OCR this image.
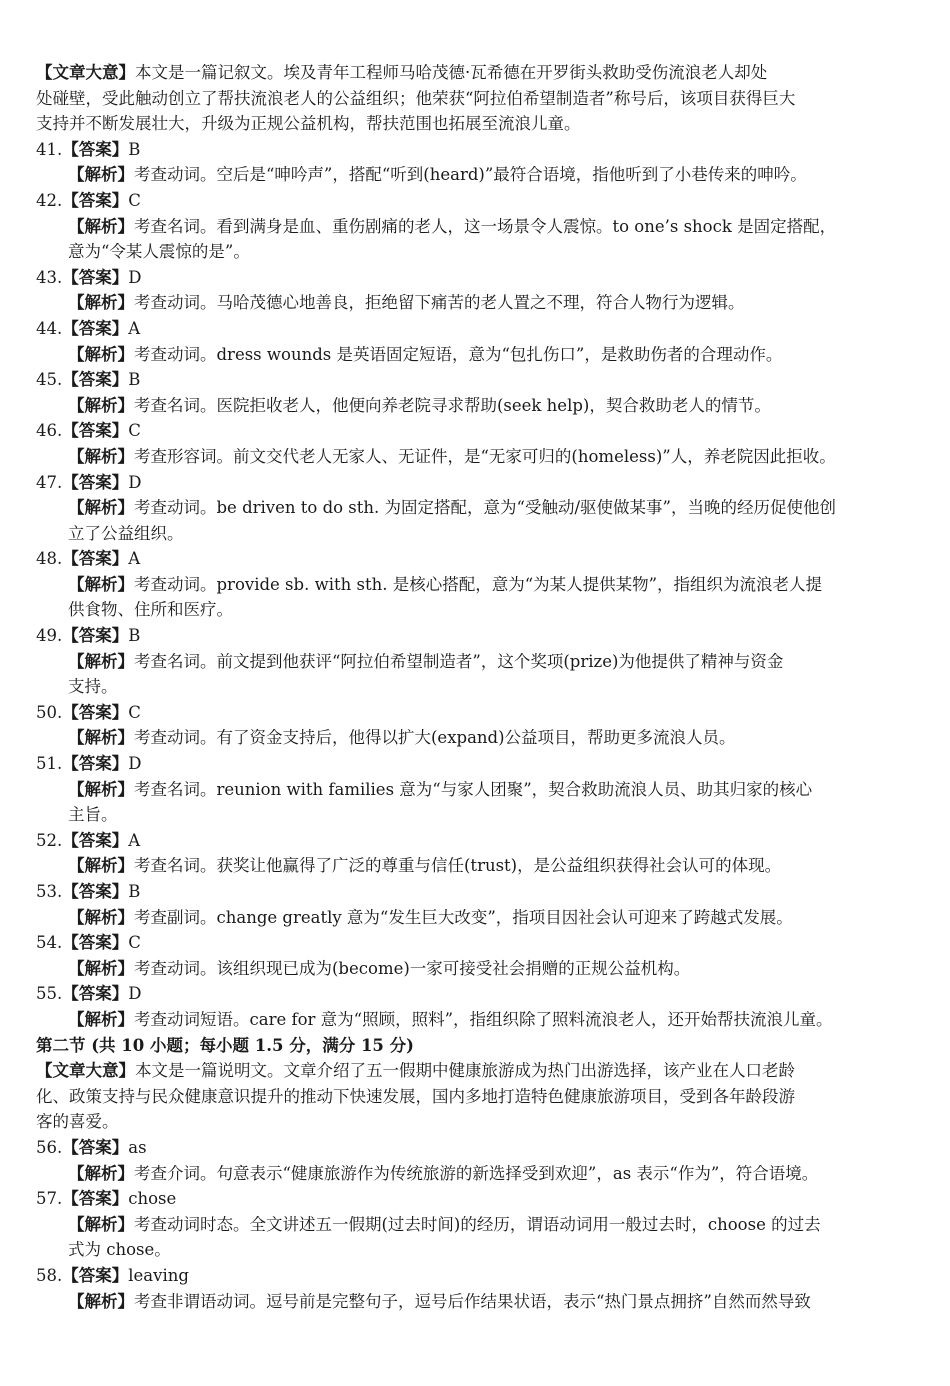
【文章大意】本文是一篇记叙文。埃及青年工程师马哈茂德·瓦希德在开罗街头救助受伤流浪老人却处
处碰壁，受此触动创立了帮扶流浪老人的公益组织；他荣获“阿拉伯希望制造者”称号后，该项目获得巨大
支持并不断发展壮大，升级为正规公益机构，帮扶范围也拓展至流浪儿童。
41.【答案】B
【解析】考查动词。空后是“呻吟声”，搭配“听到(heard)”最符合语境，指他听到了小巷传来的呻吟。
42.【答案】C
【解析】考查名词。看到满身是血、重伤剧痛的老人，这一场景令人震惊。to one’s shock 是固定搭配，
意为“令某人震惊的是”。
43.【答案】D
【解析】考查动词。马哈茂德心地善良，拒绝留下痛苦的老人置之不理，符合人物行为逻辑。
44.【答案】A
【解析】考查动词。dress wounds 是英语固定短语，意为“包扎伤口”，是救助伤者的合理动作。
45.【答案】B
【解析】考查名词。医院拒收老人，他便向养老院寻求帮助(seek help)，契合救助老人的情节。
46.【答案】C
【解析】考查形容词。前文交代老人无家人、无证件，是“无家可归的(homeless)”人，养老院因此拒收。
47.【答案】D
【解析】考查动词。be driven to do sth. 为固定搭配，意为“受触动/驱使做某事”，当晚的经历促使他创
立了公益组织。
48.【答案】A
【解析】考查动词。provide sb. with sth. 是核心搭配，意为“为某人提供某物”，指组织为流浪老人提
供食物、住所和医疗。
49.【答案】B
【解析】考查名词。前文提到他获评“阿拉伯希望制造者”，这个奖项(prize)为他提供了精神与资金
支持。
50.【答案】C
【解析】考查动词。有了资金支持后，他得以扩大(expand)公益项目，帮助更多流浪人员。
51.【答案】D
【解析】考查名词。reunion with families 意为“与家人团聚”，契合救助流浪人员、助其归家的核心
主旨。
52.【答案】A
【解析】考查名词。获奖让他赢得了广泛的尊重与信任(trust)，是公益组织获得社会认可的体现。
53.【答案】B
【解析】考查副词。change greatly 意为“发生巨大改变”，指项目因社会认可迎来了跨越式发展。
54.【答案】C
【解析】考查动词。该组织现已成为(become)一家可接受社会捐赠的正规公益机构。
55.【答案】D
【解析】考查动词短语。care for 意为“照顾，照料”，指组织除了照料流浪老人，还开始帮扶流浪儿童。
第二节 (共 10 小题；每小题 1.5 分，满分 15 分)
【文章大意】本文是一篇说明文。文章介绍了五一假期中健康旅游成为热门出游选择，该产业在人口老龄
化、政策支持与民众健康意识提升的推动下快速发展，国内多地打造特色健康旅游项目，受到各年龄段游
客的喜爱。
56.【答案】as
【解析】考查介词。句意表示“健康旅游作为传统旅游的新选择受到欢迎”，as 表示“作为”，符合语境。
57.【答案】chose
【解析】考查动词时态。全文讲述五一假期(过去时间)的经历，谓语动词用一般过去时，choose 的过去
式为 chose。
58.【答案】leaving
【解析】考查非谓语动词。逗号前是完整句子，逗号后作结果状语，表示“热门景点拥挤”自然而然导致
